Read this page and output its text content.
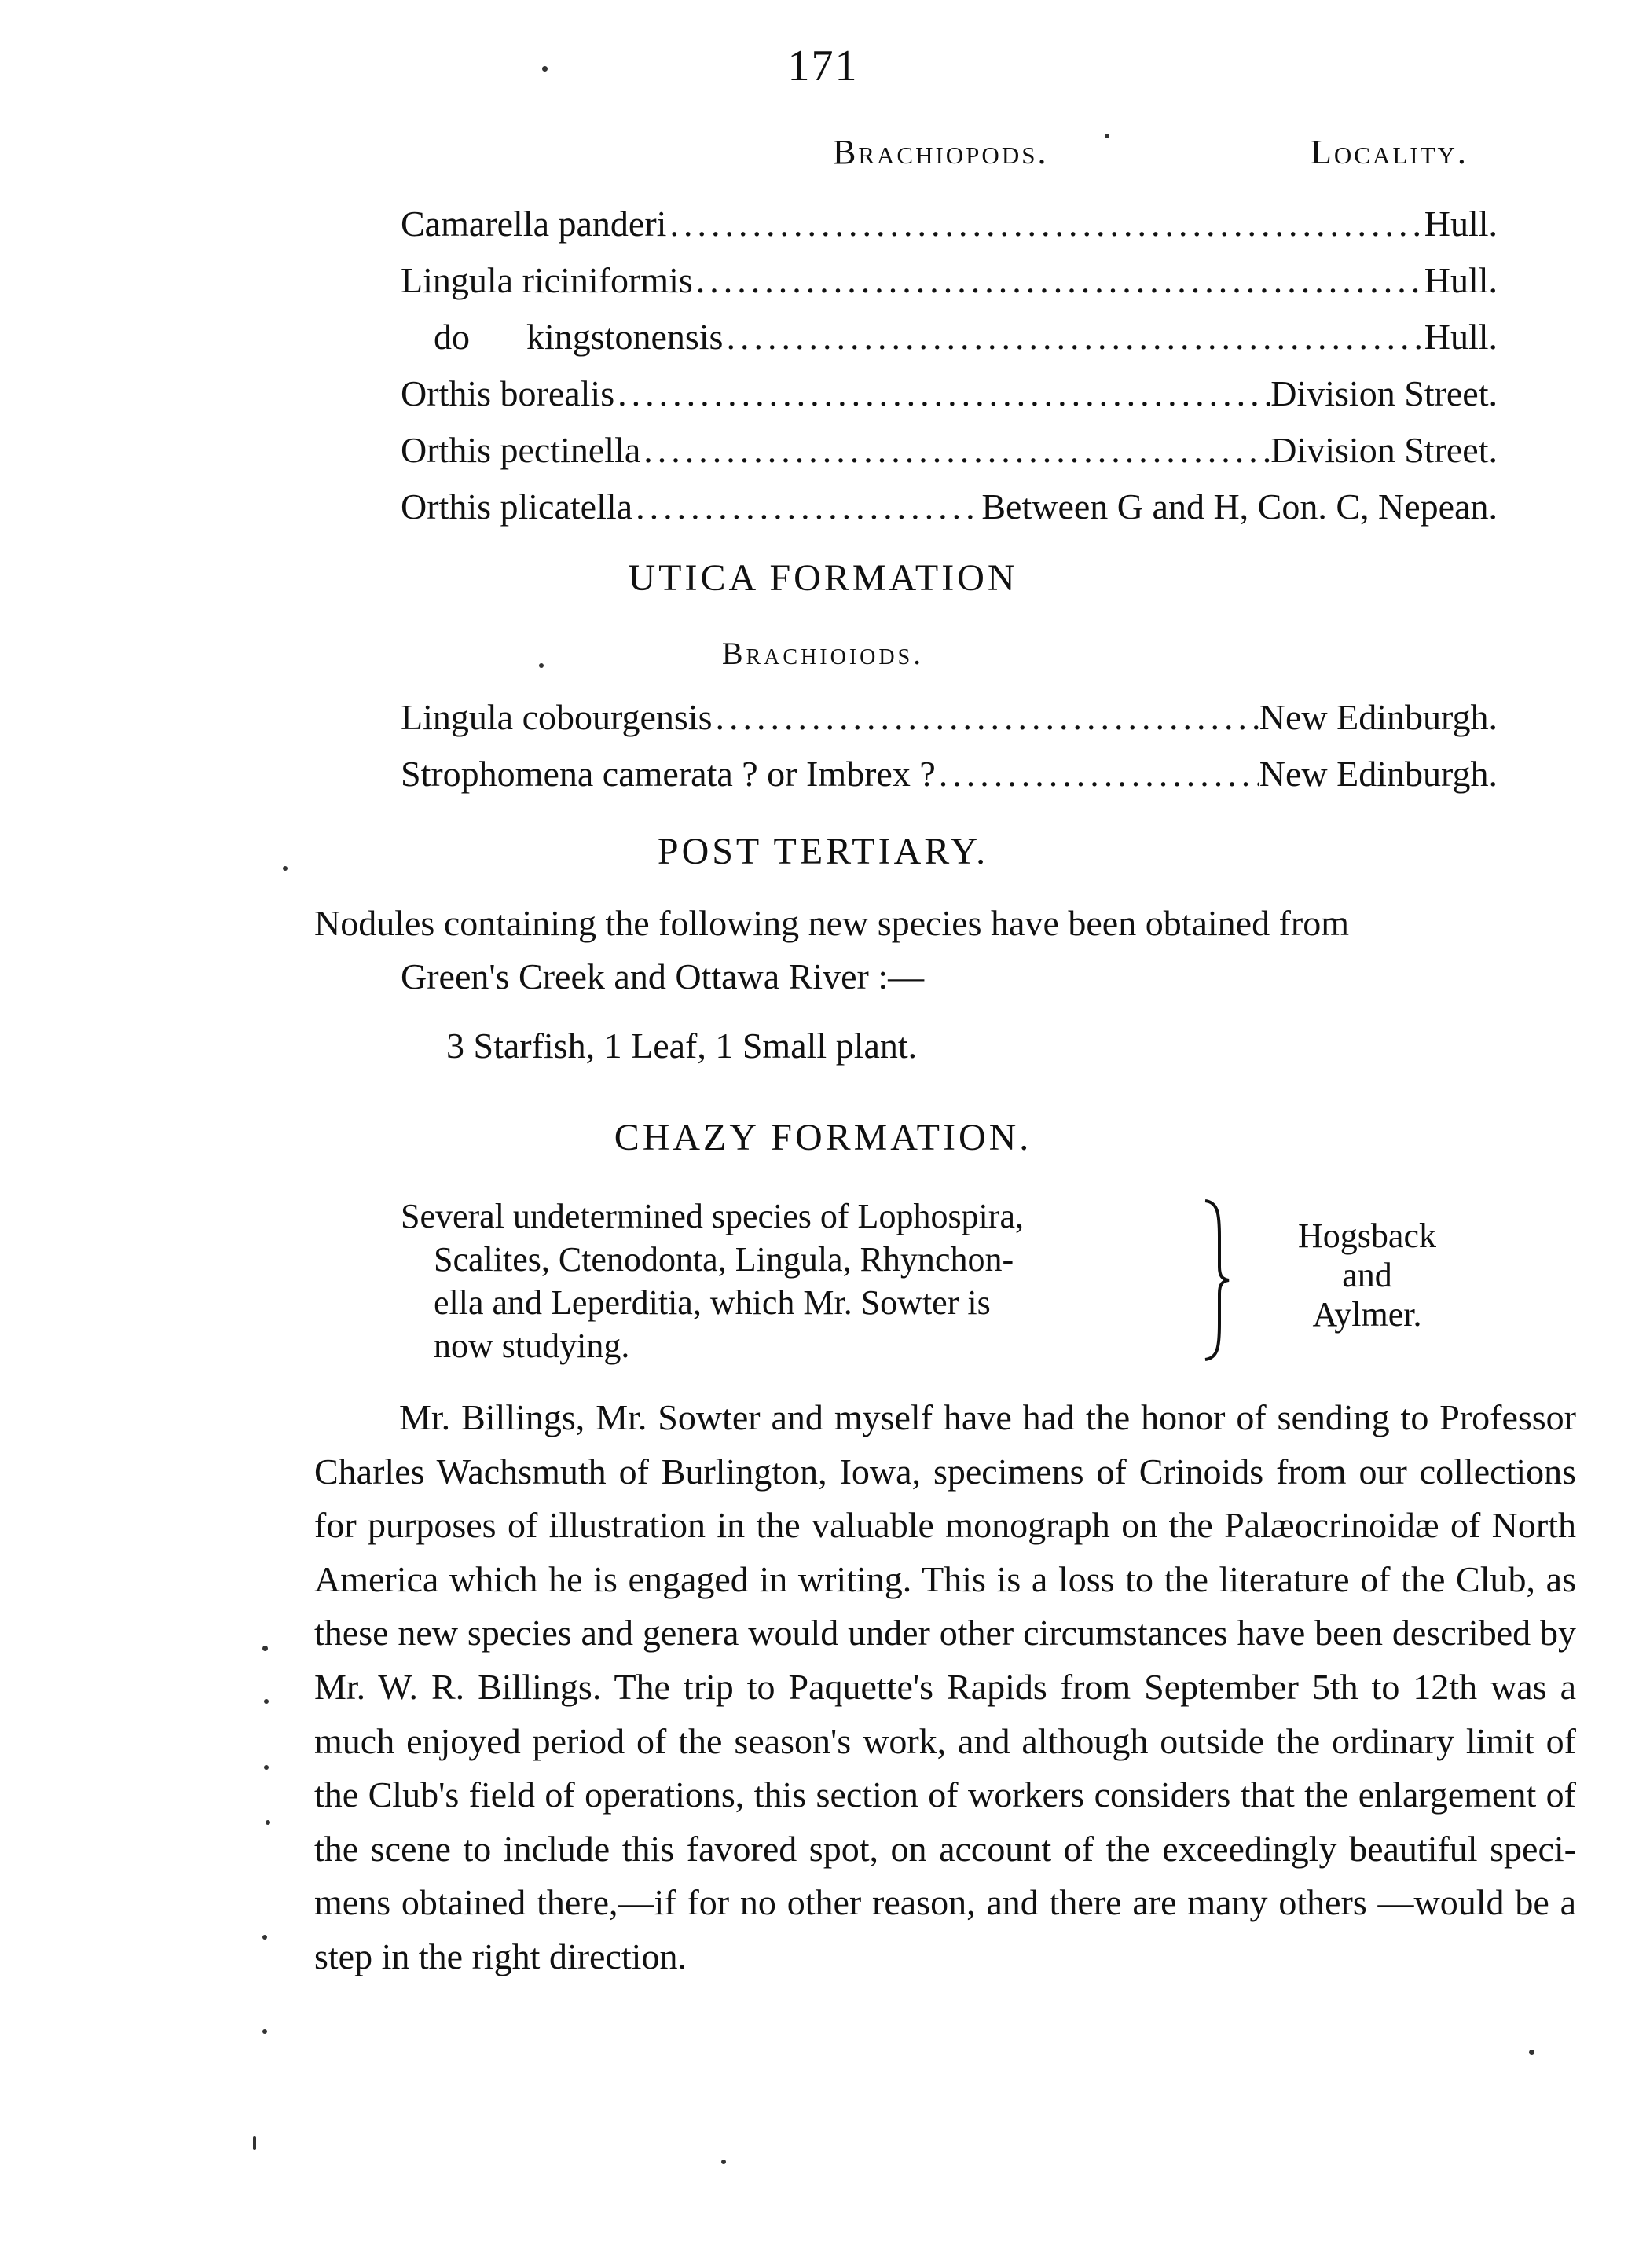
171
Brachiopods.	Locality.
Camarella panderi .....	Hull.
Lingula riciniformis .....	Hull.
do kingstonensis .....	Hull.
Orthis borealis .....	Division Street.
Orthis pectinella .....	Division Street.
Orthis plicatella .....	Between G and H, Con. C, Nepean.
UTICA FORMATION
Brachioiods.
Lingula cobourgensis .....	New Edinburgh.
Strophomena camerata ? or Imbrex ? .....	New Edinburgh.
POST TERTIARY.
Nodules containing the following new species have been obtained from
Green's Creek and Ottawa River :—
3 Starfish, 1 Leaf, 1 Small plant.
CHAZY FORMATION.
Several undetermined species of Lophospira,
Scalites, Ctenodonta, Lingula, Rhynchon-
ella and Leperditia, which Mr. Sowter is
now studying.
Hogsback
and
Aylmer.
Mr. Billings, Mr. Sowter and myself have had the honor of sending to Professor Charles Wachsmuth of Burlington, Iowa, specimens of Crinoids from our collections for purposes of illustration in the valuable monograph on the Palæocrinoidæ of North America which he is engaged in writing. This is a loss to the literature of the Club, as these new species and genera would under other circumstances have been described by Mr. W. R. Billings. The trip to Paquette's Rapids from September 5th to 12th was a much enjoyed period of the season's work, and although outside the ordinary limit of the Club's field of operations, this section of workers considers that the enlargement of the scene to include this favored spot, on account of the exceedingly beautiful specimens obtained there,—if for no other reason, and there are many others —would be a step in the right direction.
